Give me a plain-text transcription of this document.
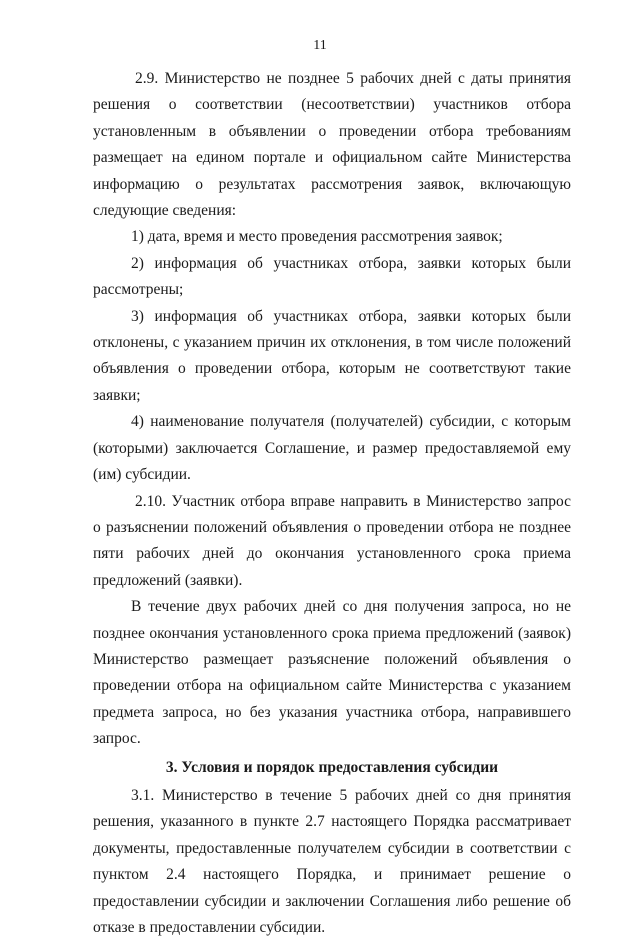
11

2.9. Министерство не позднее 5 рабочих дней с даты принятия решения о соответствии (несоответствии) участников отбора установленным в объявлении о проведении отбора требованиям размещает на едином портале и официальном сайте Министерства информацию о результатах рассмотрения заявок, включающую следующие сведения:

1) дата, время и место проведения рассмотрения заявок;

2) информация об участниках отбора, заявки которых были рассмотрены;

3) информация об участниках отбора, заявки которых были отклонены, с указанием причин их отклонения, в том числе положений объявления о проведении отбора, которым не соответствуют такие заявки;

4) наименование получателя (получателей) субсидии, с которым (которыми) заключается Соглашение, и размер предоставляемой ему (им) субсидии.

2.10. Участник отбора вправе направить в Министерство запрос о разъяснении положений объявления о проведении отбора не позднее пяти рабочих дней до окончания установленного срока приема предложений (заявки).

В течение двух рабочих дней со дня получения запроса, но не позднее окончания установленного срока приема предложений (заявок) Министерство размещает разъяснение положений объявления о проведении отбора на официальном сайте Министерства с указанием предмета запроса, но без указания участника отбора, направившего запрос.

3. Условия и порядок предоставления субсидии

3.1. Министерство в течение 5 рабочих дней со дня принятия решения, указанного в пункте 2.7 настоящего Порядка рассматривает документы, предоставленные получателем субсидии в соответствии с пунктом 2.4 настоящего Порядка, и принимает решение о предоставлении субсидии и заключении Соглашения либо решение об отказе в предоставлении субсидии.
